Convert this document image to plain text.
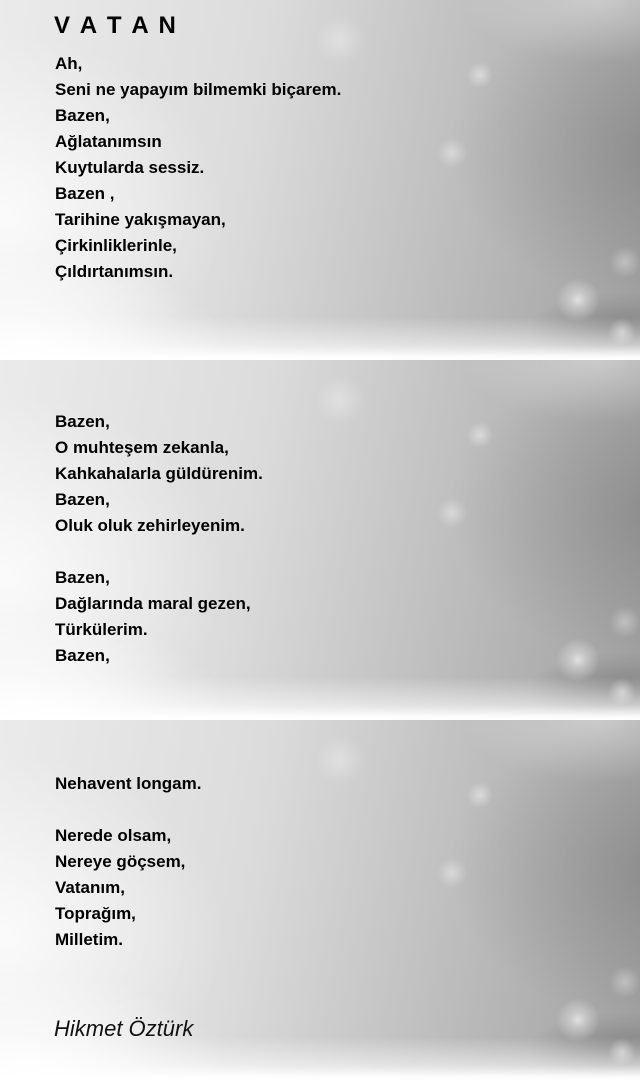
V A T A N
Ah,
Seni ne yapayım bilmemki biçarem.
Bazen,
Ağlatanımsın
Kuytularda sessiz.
Bazen ,
Tarihine yakışmayan,
Çirkinliklerinle,
Çıldırtanımsın.
Bazen,
O muhteşem zekanla,
Kahkahalarla güldürenim.
Bazen,
Oluk oluk zehirleyenim.

Bazen,
Dağlarında maral gezen,
Türkülerim.
Bazen,
Nehavent longam.

Nerede olsam,
Nereye göçsem,
Vatanım,
Toprağım,
Milletim.
Hikmet Öztürk
